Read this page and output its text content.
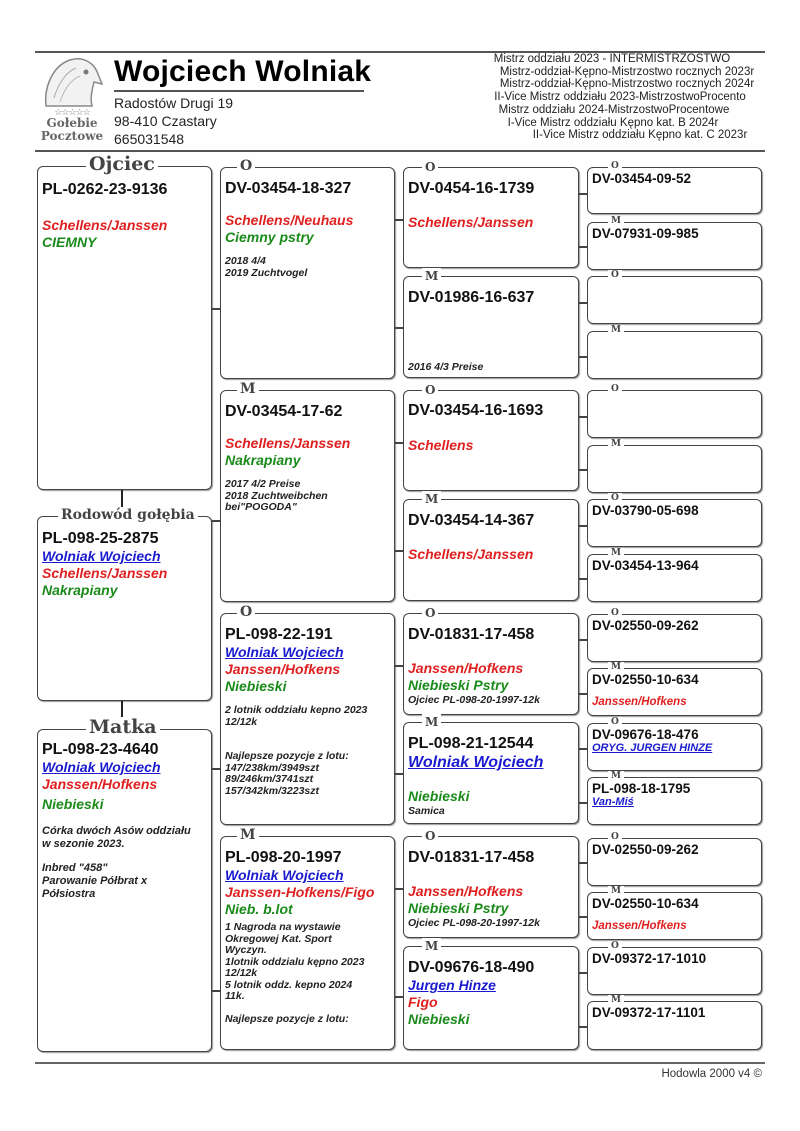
☆☆☆☆☆
Gołebie
Pocztowe
Wojciech Wolniak
Radostów Drugi 19
98-410 Czastary
665031548
Mistrz oddziału 2023 - INTERMISTRZOSTWO
Mistrz-oddział-Kępno-Mistrzostwo rocznych 2023r
Mistrz-oddział-Kępno-Mistrzostwo rocznych 2024r
II-Vice Mistrz oddziału 2023-MistrzostwoProcento
Mistrz oddziału 2024-MistrzostwoProcentowe
I-Vice Mistrz oddziału Kępno kat. B 2024r
II-Vice Mistrz oddziału Kępno kat. C 2023r
Ojciec
PL-0262-23-9136
Schellens/Janssen
CIEMNY
Rodowód gołębia
PL-098-25-2875
Wolniak Wojciech
Schellens/Janssen
Nakrapiany
Matka
PL-098-23-4640
Wolniak Wojciech
Janssen/Hofkens
Niebieski
Córka dwóch Asów oddziału
w sezonie 2023.
Inbred "458"
Parowanie Półbrat x
Półsiostra
O
DV-03454-18-327
Schellens/Neuhaus
Ciemny pstry
2018 4/4
2019 Zuchtvogel
M
DV-03454-17-62
Schellens/Janssen
Nakrapiany
2017 4/2 Preise
2018 Zuchtweibchen
bei"POGODA"
O
PL-098-22-191
Wolniak Wojciech
Janssen/Hofkens
Niebieski
2 lotnik oddziału kepno 2023
12/12k
Najlepsze pozycje z lotu:
147/238km/3949szt
89/246km/3741szt
157/342km/3223szt
M
PL-098-20-1997
Wolniak Wojciech
Janssen-Hofkens/Figo
Nieb. b.lot
1 Nagroda na wystawie
Okregowej Kat. Sport
Wyczyn.
1lotnik oddzialu kępno 2023
12/12k
5 lotnik oddz. kepno 2024
11k.
Najlepsze pozycje z lotu:
O
DV-0454-16-1739
Schellens/Janssen
M
DV-01986-16-637
2016 4/3 Preise
O
DV-03454-16-1693
Schellens
M
DV-03454-14-367
Schellens/Janssen
O
DV-01831-17-458
Janssen/Hofkens
Niebieski Pstry
Ojciec PL-098-20-1997-12k
M
PL-098-21-12544
Wolniak Wojciech
Niebieski
Samica
O
DV-01831-17-458
Janssen/Hofkens
Niebieski Pstry
Ojciec PL-098-20-1997-12k
M
DV-09676-18-490
Jurgen Hinze
Figo
Niebieski
O
DV-03454-09-52
M
DV-07931-09-985
O
M
O
M
O
DV-03790-05-698
M
DV-03454-13-964
O
DV-02550-09-262
M
DV-02550-10-634
Janssen/Hofkens
O
DV-09676-18-476
ORYG. JURGEN HINZE
M
PL-098-18-1795
Van-Miś
O
DV-02550-09-262
M
DV-02550-10-634
Janssen/Hofkens
O
DV-09372-17-1010
M
DV-09372-17-1101
Hodowla 2000 v4 ©
